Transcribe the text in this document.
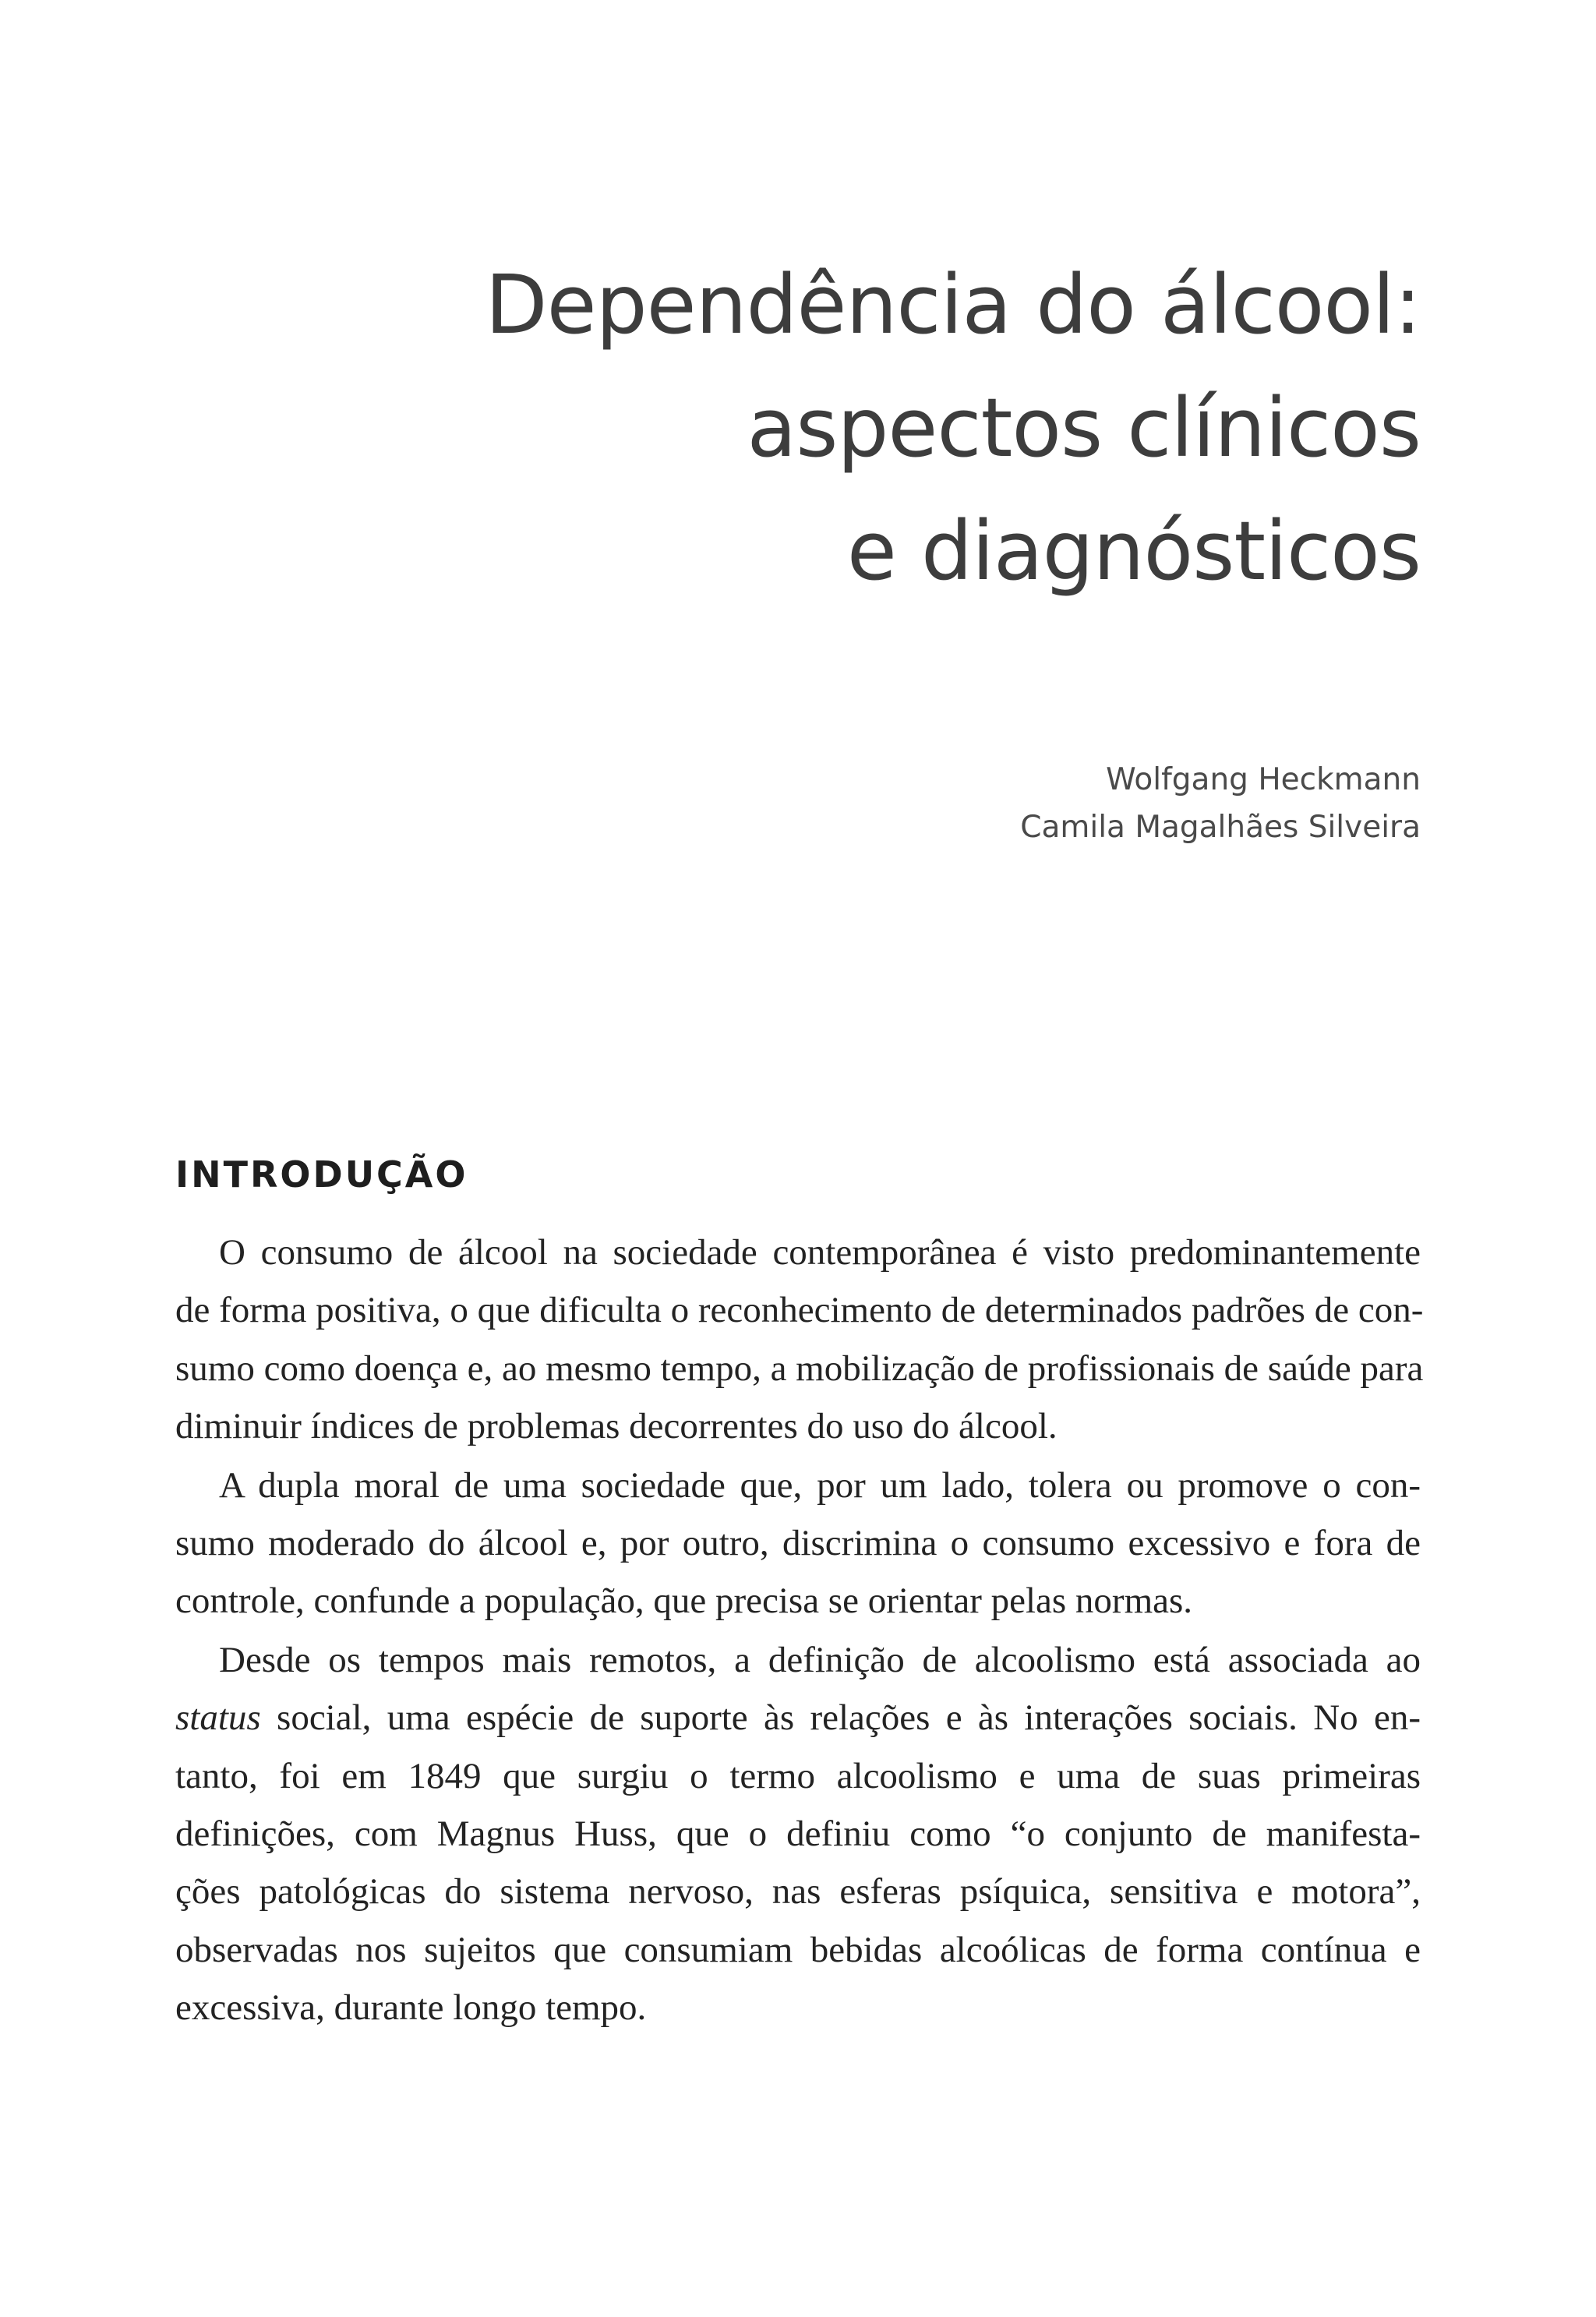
Dependência do álcool:
aspectos clínicos
e diagnósticos
Wolfgang Heckmann
Camila Magalhães Silveira
INTRODUÇÃO
O consumo de álcool na sociedade contemporânea é visto predominantemente
de forma positiva, o que dificulta o reconhecimento de determinados padrões de con-
sumo como doença e, ao mesmo tempo, a mobilização de profissionais de saúde para
diminuir índices de problemas decorrentes do uso do álcool.
A dupla moral de uma sociedade que, por um lado, tolera ou promove o con-
sumo moderado do álcool e, por outro, discrimina o consumo excessivo e fora de
controle, confunde a população, que precisa se orientar pelas normas.
Desde os tempos mais remotos, a definição de alcoolismo está associada ao
status social, uma espécie de suporte às relações e às interações sociais. No en-
tanto, foi em 1849 que surgiu o termo alcoolismo e uma de suas primeiras
definições, com Magnus Huss, que o definiu como “o conjunto de manifesta-
ções patológicas do sistema nervoso, nas esferas psíquica, sensitiva e motora”,
observadas nos sujeitos que consumiam bebidas alcoólicas de forma contínua e
excessiva, durante longo tempo.
